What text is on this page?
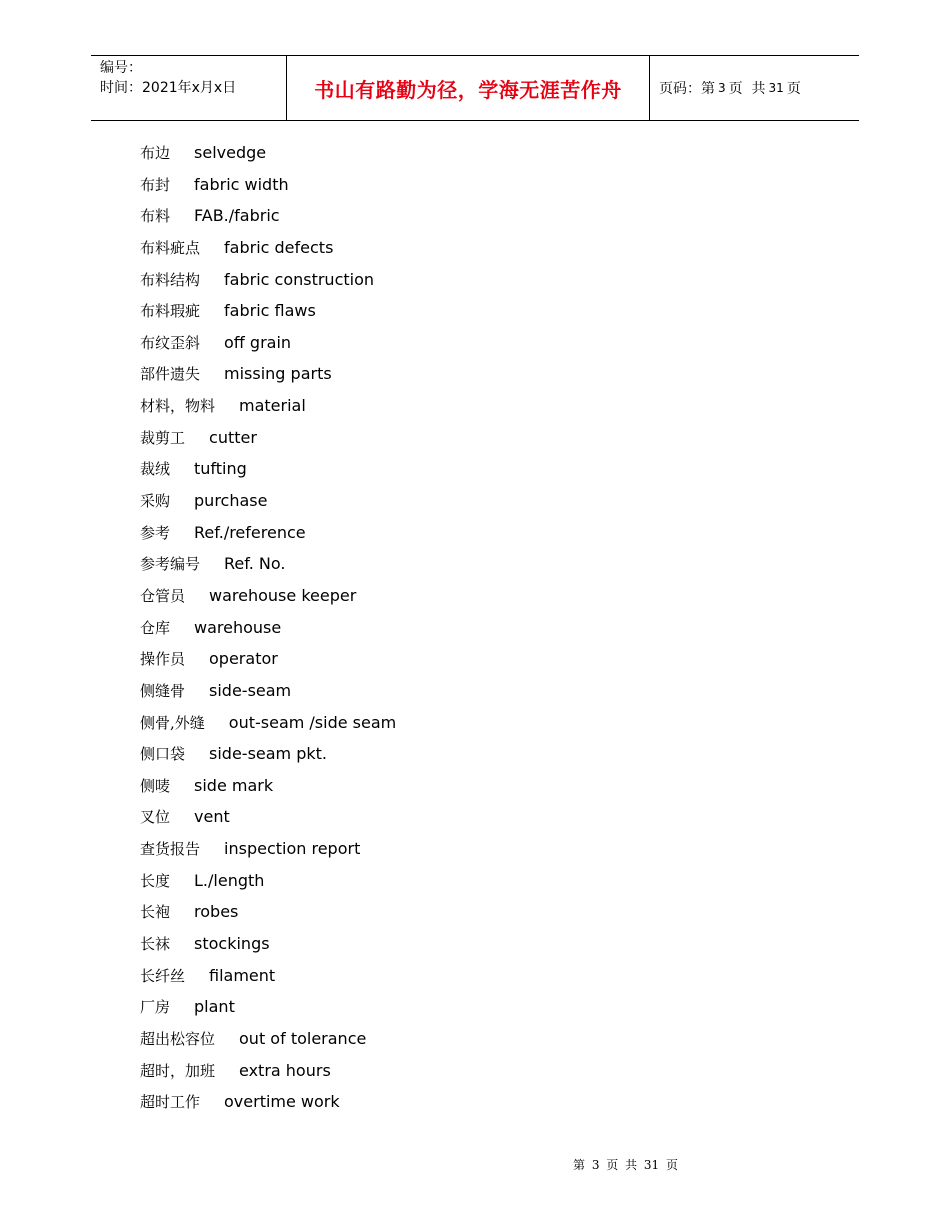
编号：
时间：2021年x月x日	书山有路勤为径，学海无涯苦作舟	页码：第 3 页  共 31 页
布边 selvedge
布封 fabric width
布料 FAB./fabric
布料疵点 fabric defects
布料结构 fabric construction
布料瑕疵 fabric flaws
布纹歪斜 off grain
部件遗失 missing parts
材料，物料 material
裁剪工 cutter
裁绒 tufting
采购 purchase
参考 Ref./reference
参考编号 Ref. No.
仓管员 warehouse keeper
仓库 warehouse
操作员 operator
侧缝骨 side-seam
侧骨,外缝 out-seam /side seam
侧口袋 side-seam pkt.
侧唛 side mark
叉位 vent
查货报告 inspection report
长度 L./length
长袍 robes
长袜 stockings
长纤丝 filament
厂房 plant
超出松容位 out of tolerance
超时，加班 extra hours
超时工作 overtime work
第 3 页 共 31 页
